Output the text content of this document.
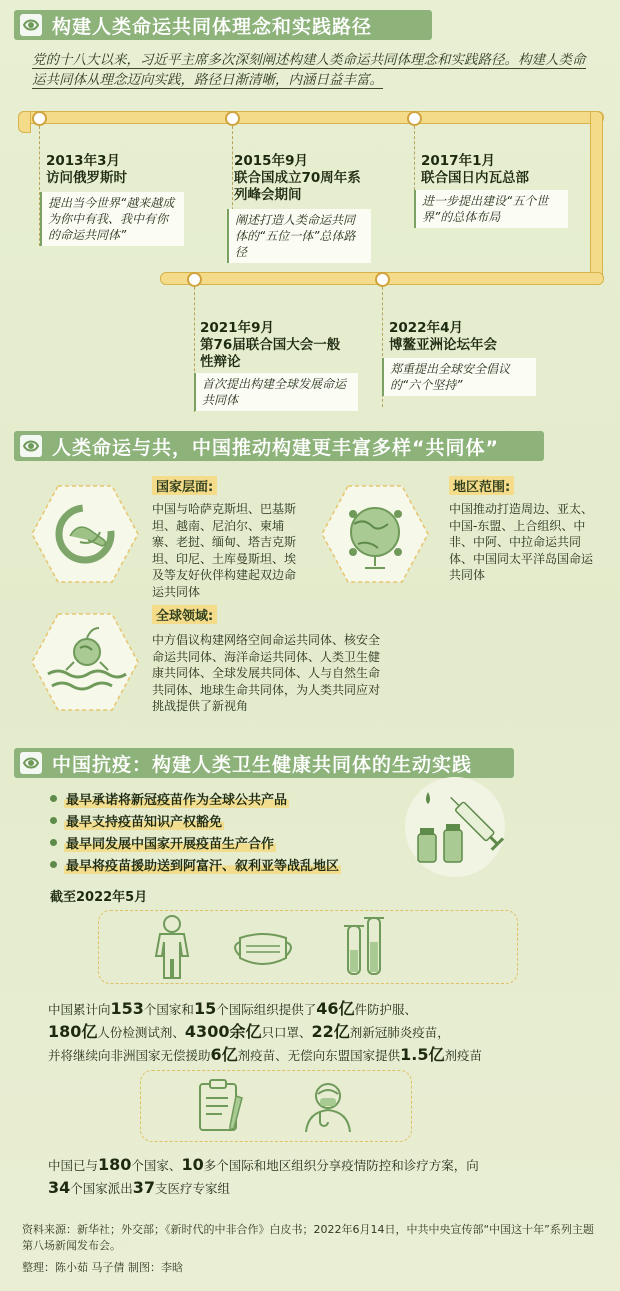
构建人类命运共同体理念和实践路径
党的十八大以来，习近平主席多次深刻阐述构建人类命运共同体理念和实践路径。构建人类命运共同体从理念迈向实践，路径日渐清晰，内涵日益丰富。
2013年3月
访问俄罗斯时
提出当今世界“越来越成为你中有我、我中有你的命运共同体”
2015年9月
联合国成立70周年系列峰会期间
阐述打造人类命运共同体的“五位一体”总体路径
2017年1月
联合国日内瓦总部
进一步提出建设“五个世界”的总体布局
2021年9月
第76届联合国大会一般性辩论
首次提出构建全球发展命运共同体
2022年4月
博鳌亚洲论坛年会
郑重提出全球安全倡议的“六个坚持”
人类命运与共，中国推动构建更丰富多样“共同体”
国家层面:
中国与哈萨克斯坦、巴基斯坦、越南、尼泊尔、柬埔寨、老挝、缅甸、塔吉克斯坦、印尼、土库曼斯坦、埃及等友好伙伴构建起双边命运共同体
地区范围:
中国推动打造周边、亚太、中国-东盟、上合组织、中非、中阿、中拉命运共同体、中国同太平洋岛国命运共同体
全球领域:
中方倡议构建网络空间命运共同体、核安全命运共同体、海洋命运共同体、人类卫生健康共同体、全球发展共同体、人与自然生命共同体、地球生命共同体，为人类共同应对挑战提供了新视角
中国抗疫：构建人类卫生健康共同体的生动实践
最早承诺将新冠疫苗作为全球公共产品
最早支持疫苗知识产权豁免
最早同发展中国家开展疫苗生产合作
最早将疫苗援助送到阿富汗、叙利亚等战乱地区
截至2022年5月
中国累计向153个国家和15个国际组织提供了46亿件防护服、
180亿人份检测试剂、4300余亿只口罩、22亿剂新冠肺炎疫苗，
并将继续向非洲国家无偿援助6亿剂疫苗、无偿向东盟国家提供1.5亿剂疫苗
中国已与180个国家、10多个国际和地区组织分享疫情防控和诊疗方案，向
34个国家派出37支医疗专家组
资料来源：新华社；外交部；《新时代的中非合作》白皮书；2022年6月14日，中共中央宣传部“中国这十年”系列主题第八场新闻发布会。
整理：陈小茹 马子倩 制图：李晗
